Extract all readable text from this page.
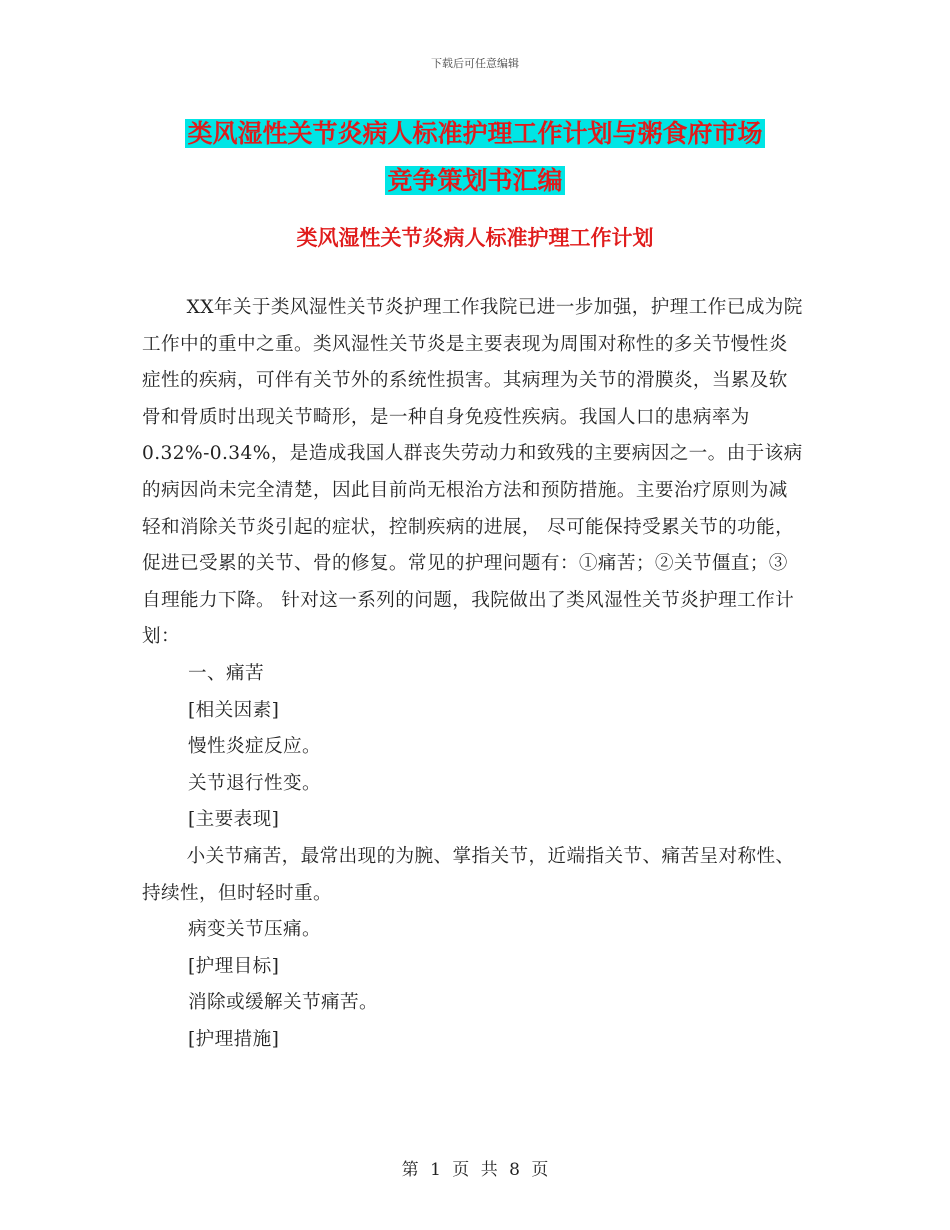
下载后可任意编辑
类风湿性关节炎病人标准护理工作计划与粥食府市场
竞争策划书汇编
类风湿性关节炎病人标准护理工作计划

XX年关于类风湿性关节炎护理工作我院已进一步加强，护理工作已成为院工作中的重中之重。类风湿性关节炎是主要表现为周围对称性的多关节慢性炎症性的疾病，可伴有关节外的系统性损害。其病理为关节的滑膜炎，当累及软骨和骨质时出现关节畸形，是一种自身免疫性疾病。我国人口的患病率为0.32%-0.34%，是造成我国人群丧失劳动力和致残的主要病因之一。由于该病的病因尚未完全清楚，因此目前尚无根治方法和预防措施。主要治疗原则为减轻和消除关节炎引起的症状，控制疾病的进展， 尽可能保持受累关节的功能，促进已受累的关节、骨的修复。常见的护理问题有：①痛苦；②关节僵直；③自理能力下降。 针对这一系列的问题，我院做出了类风湿性关节炎护理工作计划：

一、痛苦

[相关因素]

慢性炎症反应。

关节退行性变。

[主要表现]

小关节痛苦，最常出现的为腕、掌指关节，近端指关节、痛苦呈对称性、持续性，但时轻时重。

病变关节压痛。

[护理目标]

消除或缓解关节痛苦。

[护理措施]

第 1 页 共 8 页
